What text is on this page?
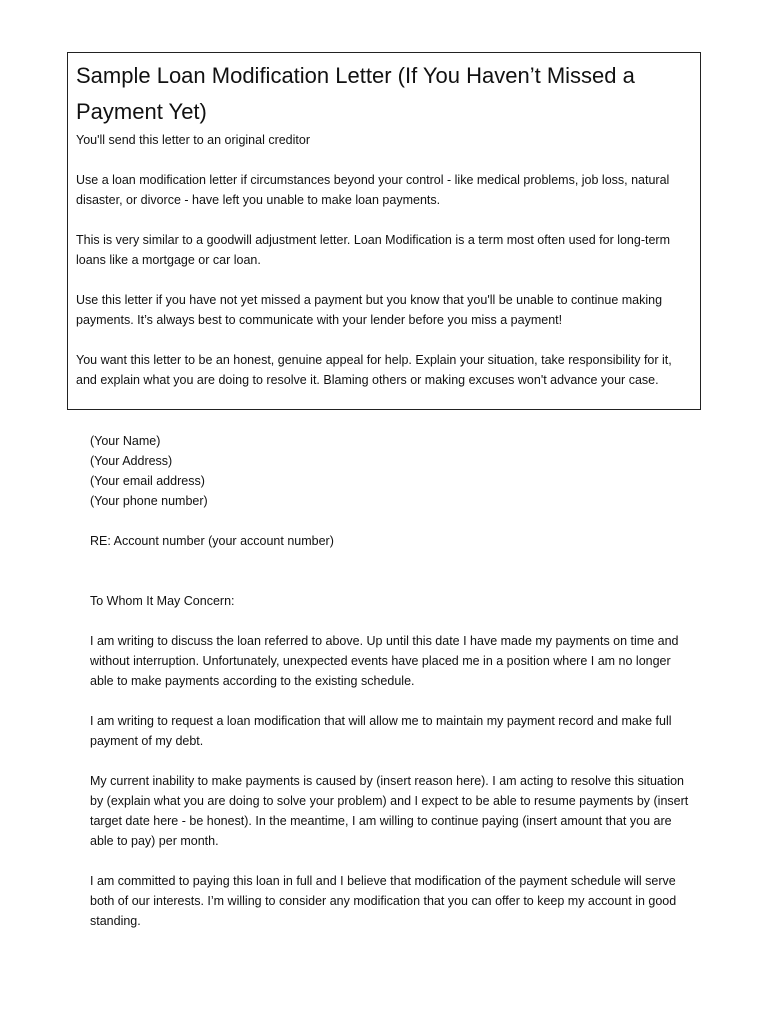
Sample Loan Modification Letter (If You Haven’t Missed a Payment Yet)

You'll send this letter to an original creditor

Use a loan modification letter if circumstances beyond your control - like medical problems, job loss, natural disaster, or divorce - have left you unable to make loan payments.

This is very similar to a goodwill adjustment letter. Loan Modification is a term most often used for long-term loans like a mortgage or car loan.

Use this letter if you have not yet missed a payment but you know that you'll be unable to continue making payments. It’s always best to communicate with your lender before you miss a payment!

You want this letter to be an honest, genuine appeal for help. Explain your situation, take responsibility for it, and explain what you are doing to resolve it. Blaming others or making excuses won't advance your case.

(Your Name)
(Your Address)
(Your email address)
(Your phone number)

RE: Account number (your account number)

To Whom It May Concern:

I am writing to discuss the loan referred to above. Up until this date I have made my payments on time and without interruption. Unfortunately, unexpected events have placed me in a position where I am no longer able to make payments according to the existing schedule.

I am writing to request a loan modification that will allow me to maintain my payment record and make full payment of my debt.

My current inability to make payments is caused by (insert reason here). I am acting to resolve this situation by (explain what you are doing to solve your problem) and I expect to be able to resume payments by (insert target date here - be honest). In the meantime, I am willing to continue paying (insert amount that you are able to pay) per month.

I am committed to paying this loan in full and I believe that modification of the payment schedule will serve both of our interests. I’m willing to consider any modification that you can offer to keep my account in good standing.
